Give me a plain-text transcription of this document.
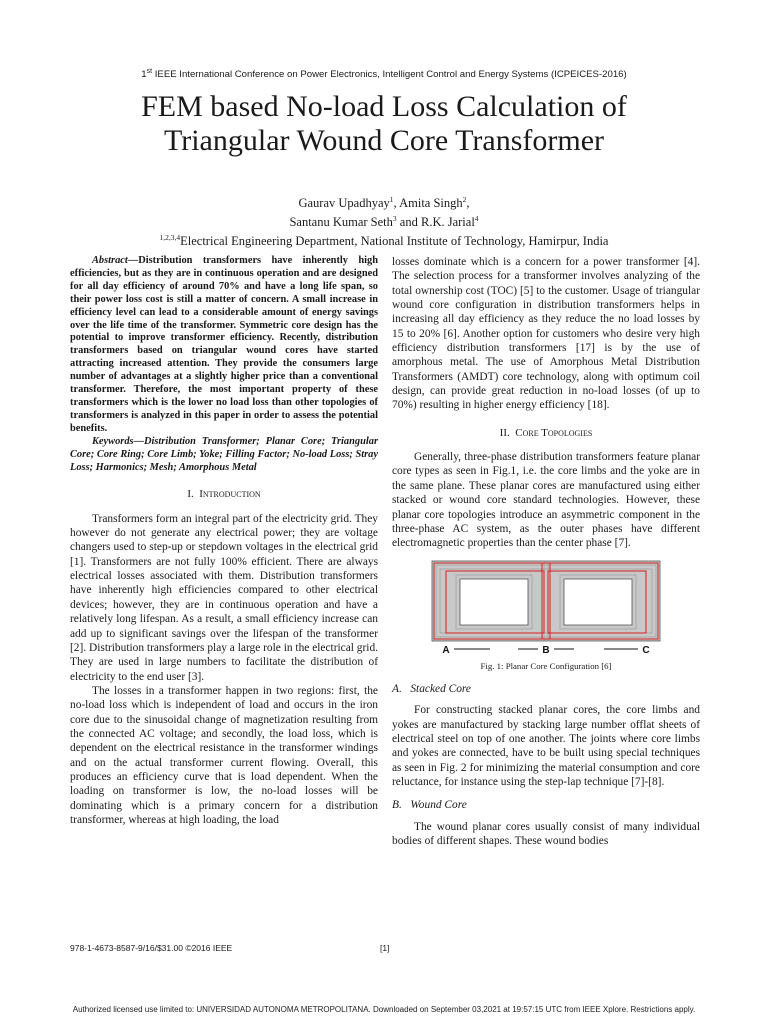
1st IEEE International Conference on Power Electronics, Intelligent Control and Energy Systems (ICPEICES-2016)
FEM based No-load Loss Calculation of
Triangular Wound Core Transformer
Gaurav Upadhyay$^1$, Amita Singh$^2$,
Santanu Kumar Seth$^3$ and R.K. Jarial$^4$
$^{1,2,3,4}$Electrical Engineering Department, National Institute of Technology, Hamirpur, India

Abstract—Distribution transformers have inherently high efficiencies, but as they are in continuous operation and are designed for all day efficiency of around 70% and have a long life span, so their power loss cost is still a matter of concern. A small increase in efficiency level can lead to a considerable amount of energy savings over the life time of the transformer. Symmetric core design has the potential to improve transformer efficiency. Recently, distribution transformers based on triangular wound cores have started attracting increased attention. They provide the consumers large number of advantages at a slightly higher price than a conventional transformer. Therefore, the most important property of these transformers which is the lower no load loss than other topologies of transformers is analyzed in this paper in order to assess the potential benefits.

Keywords—Distribution Transformer; Planar Core; Triangular Core; Core Ring; Core Limb; Yoke; Filling Factor; No-load Loss; Stray Loss; Harmonics; Mesh; Amorphous Metal

I. Introduction

Transformers form an integral part of the electricity grid. They however do not generate any electrical power; they are voltage changers used to step-up or stepdown voltages in the electrical grid [1]. Transformers are not fully 100% efficient. There are always electrical losses associated with them. Distribution transformers have inherently high efficiencies compared to other electrical devices; however, they are in continuous operation and have a relatively long lifespan. As a result, a small efficiency increase can add up to significant savings over the lifespan of the transformer [2]. Distribution transformers play a large role in the electrical grid. They are used in large numbers to facilitate the distribution of electricity to the end user [3].

The losses in a transformer happen in two regions: first, the no-load loss which is independent of load and occurs in the iron core due to the sinusoidal change of magnetization resulting from the connected AC voltage; and secondly, the load loss, which is dependent on the electrical resistance in the transformer windings and on the actual transformer current flowing. Overall, this produces an efficiency curve that is load dependent. When the loading on transformer is low, the no-load losses will be dominating which is a primary concern for a distribution transformer, whereas at high loading, the load

losses dominate which is a concern for a power transformer [4]. The selection process for a transformer involves analyzing of the total ownership cost (TOC) [5] to the customer. Usage of triangular wound core configuration in distribution transformers helps in increasing all day efficiency as they reduce the no load losses by 15 to 20% [6]. Another option for customers who desire very high efficiency distribution transformers [17] is by the use of amorphous metal. The use of Amorphous Metal Distribution Transformers (AMDT) core technology, along with optimum coil design, can provide great reduction in no-load losses (of up to 70%) resulting in higher energy efficiency [18].

II. Core Topologies

Generally, three-phase distribution transformers feature planar core types as seen in Fig.1, i.e. the core limbs and the yoke are in the same plane. These planar cores are manufactured using either stacked or wound core standard technologies. However, these planar core topologies introduce an asymmetric component in the three-phase AC system, as the outer phases have different electromagnetic properties than the center phase [7].

A	B	C
Fig. 1: Planar Core Configuration [6]
A. Stacked Core

For constructing stacked planar cores, the core limbs and yokes are manufactured by stacking large number offlat sheets of electrical steel on top of one another. The joints where core limbs and yokes are connected, have to be built using special techniques as seen in Fig. 2 for minimizing the material consumption and core reluctance, for instance using the step-lap technique [7]-[8].

B. Wound Core

The wound planar cores usually consist of many individual bodies of different shapes. These wound bodies

978-1-4673-8587-9/16/$31.00 ©2016 IEEE	[1]
Authorized licensed use limited to: UNIVERSIDAD AUTONOMA METROPOLITANA. Downloaded on September 03,2021 at 19:57:15 UTC from IEEE Xplore. Restrictions apply.
